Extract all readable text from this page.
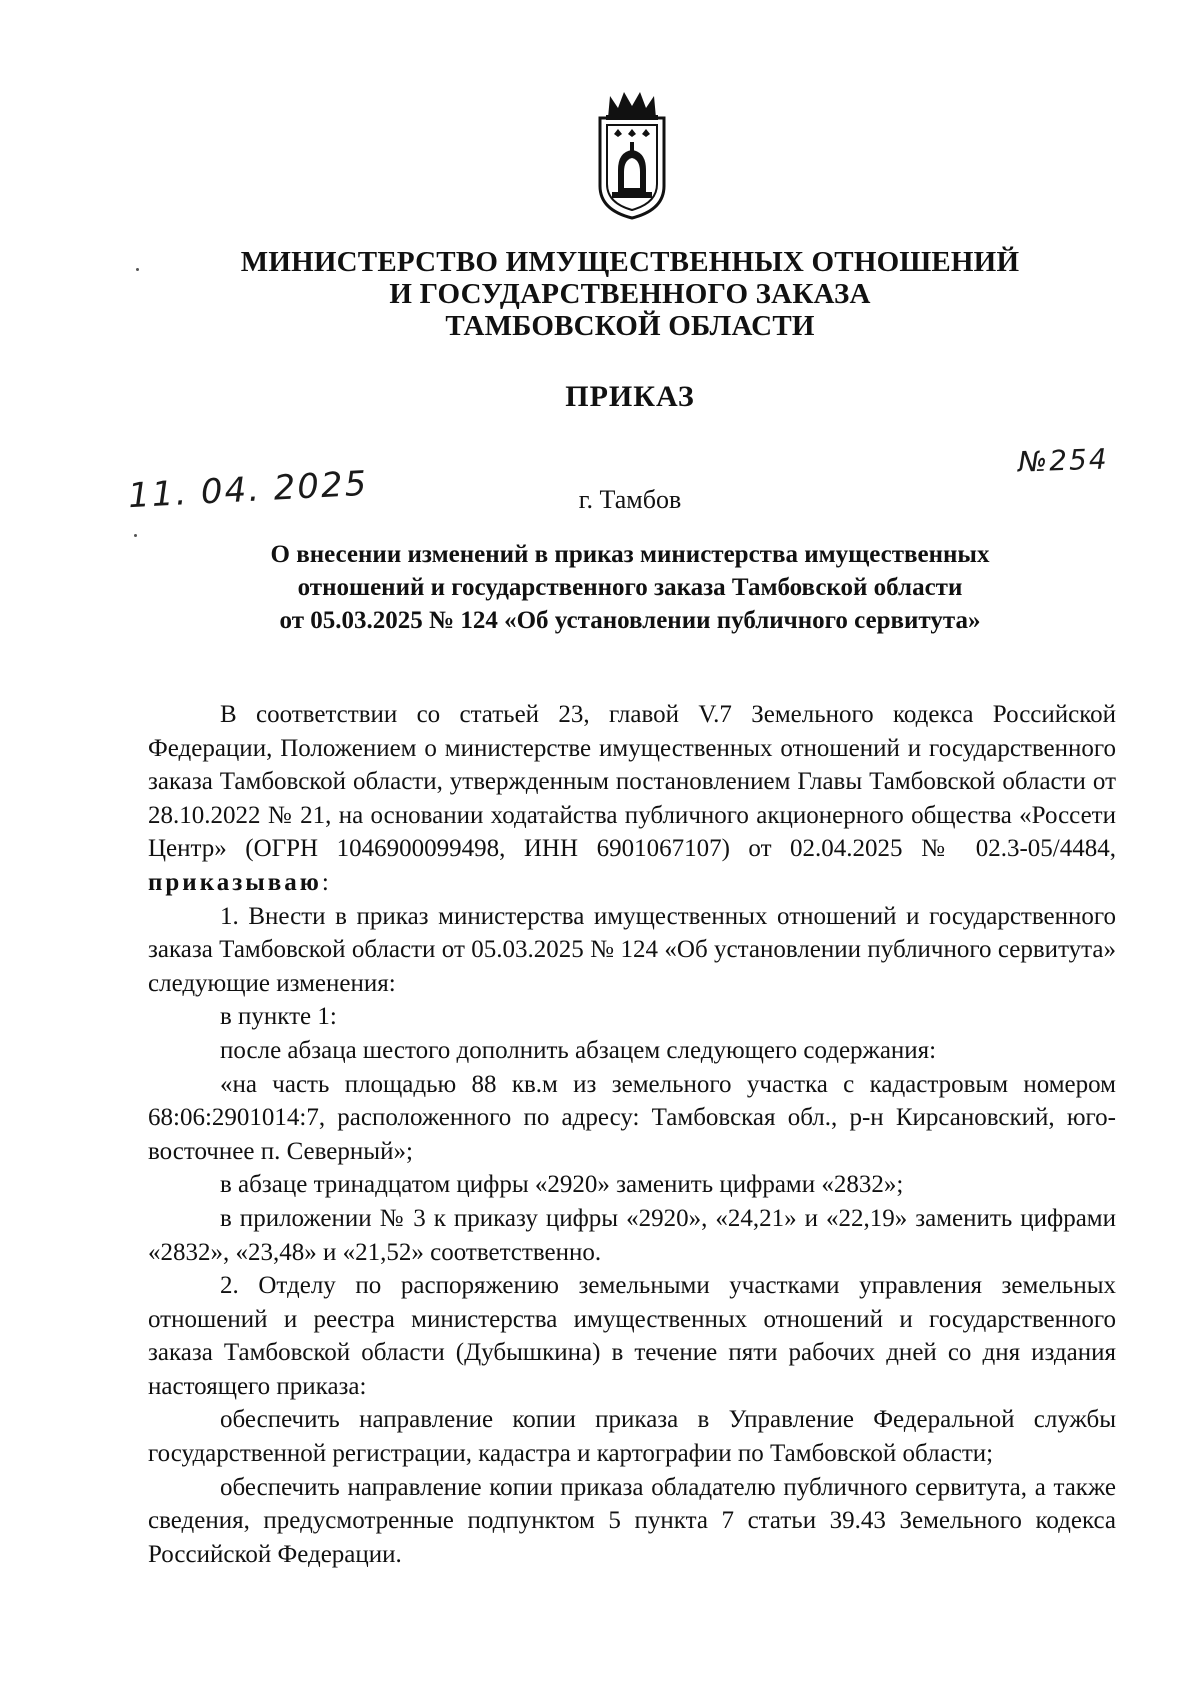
МИНИСТЕРСТВО ИМУЩЕСТВЕННЫХ ОТНОШЕНИЙ
И ГОСУДАРСТВЕННОГО ЗАКАЗА
ТАМБОВСКОЙ ОБЛАСТИ
ПРИКАЗ
№254
11. 04. 2025	г. Тамбов
О внесении изменений в приказ министерства имущественных
отношений и государственного заказа Тамбовской области
от 05.03.2025 № 124 «Об установлении публичного сервитута»

В соответствии со статьей 23, главой V.7 Земельного кодекса Российской Федерации, Положением о министерстве имущественных отношений и государственного заказа Тамбовской области, утвержденным постановлением Главы Тамбовской области от 28.10.2022 № 21, на основании ходатайства публичного акционерного общества «Россети Центр» (ОГРН 1046900099498, ИНН 6901067107) от 02.04.2025 № 02.3-05/4484, приказываю:

1. Внести в приказ министерства имущественных отношений и государственного заказа Тамбовской области от 05.03.2025 № 124 «Об установлении публичного сервитута» следующие изменения:

в пункте 1:

после абзаца шестого дополнить абзацем следующего содержания:

«на часть площадью 88 кв.м из земельного участка с кадастровым номером 68:06:2901014:7, расположенного по адресу: Тамбовская обл., р-н Кирсановский, юго-восточнее п. Северный»;

в абзаце тринадцатом цифры «2920» заменить цифрами «2832»;

в приложении № 3 к приказу цифры «2920», «24,21» и «22,19» заменить цифрами «2832», «23,48» и «21,52» соответственно.

2. Отделу по распоряжению земельными участками управления земельных отношений и реестра министерства имущественных отношений и государственного заказа Тамбовской области (Дубышкина) в течение пяти рабочих дней со дня издания настоящего приказа:

обеспечить направление копии приказа в Управление Федеральной службы государственной регистрации, кадастра и картографии по Тамбовской области;

обеспечить направление копии приказа обладателю публичного сервитута, а также сведения, предусмотренные подпунктом 5 пункта 7 статьи 39.43 Земельного кодекса Российской Федерации.
